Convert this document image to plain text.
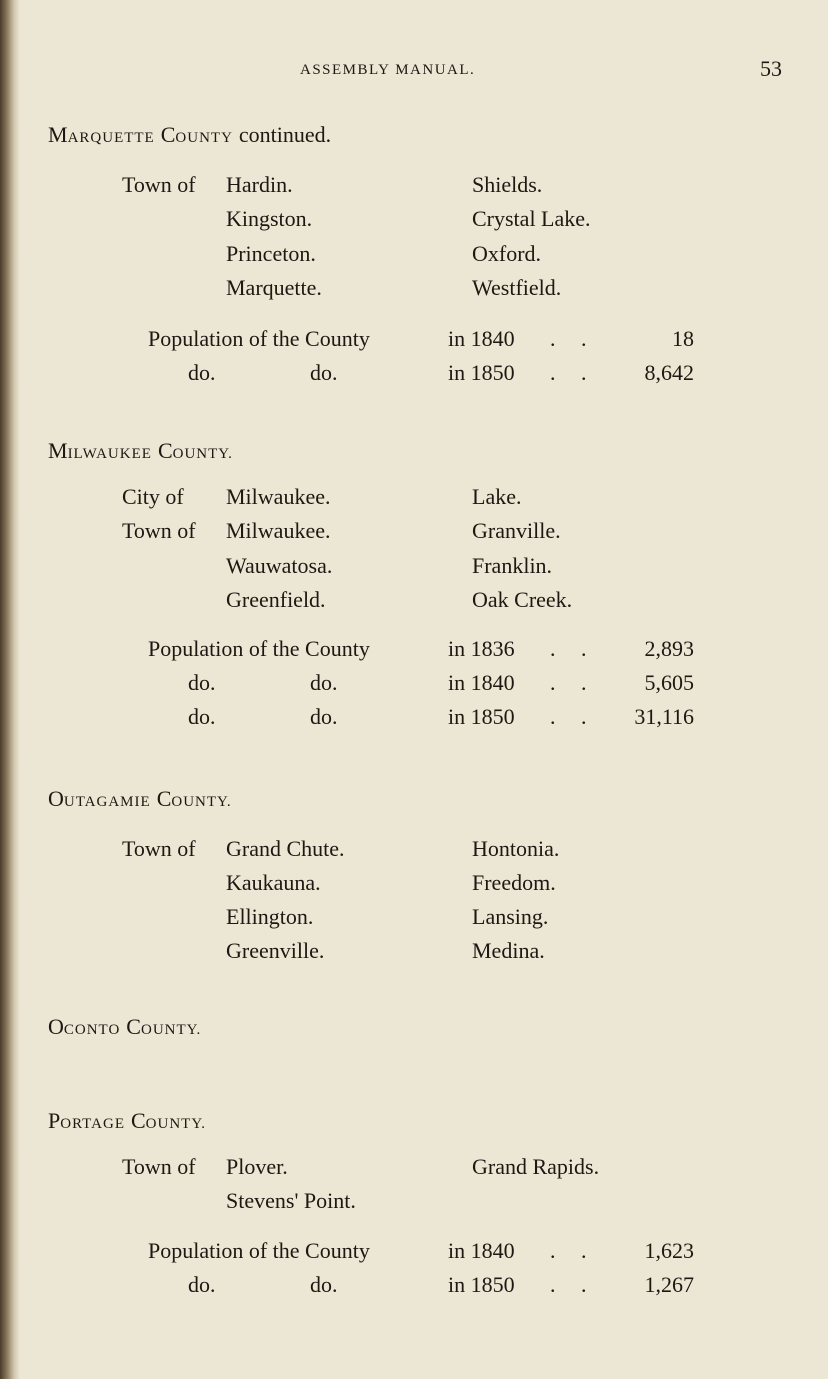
ASSEMBLY MANUAL.	53
MARQUETTE COUNTY continued.
Town of Hardin.	Shields.
Kingston.	Crystal Lake.
Princeton.	Oxford.
Marquette.	Westfield.
Population of the County	in 1840 . .	18
do.	do.	in 1850 . . 8,642
MILWAUKEE COUNTY.
City of Milwaukee.	Lake.
Town of Milwaukee.	Granville.
Wauwatosa.	Franklin.
Greenfield.	Oak Creek.
Population of the County	in 1836 . . 2,893
do.	do.	in 1840 . . 5,605
do.	do.	in 1850 . . 31,116
OUTAGAMIE COUNTY.
Town of Grand Chute.	Hontonia.
Kaukauna.	Freedom.
Ellington.	Lansing.
Greenville.	Medina.
OCONTO COUNTY.
PORTAGE COUNTY.
Town of Plover.	Grand Rapids.
Stevens' Point.
Population of the County	in 1840 . . 1,623
do.	do.	in 1850 . . 1,267
